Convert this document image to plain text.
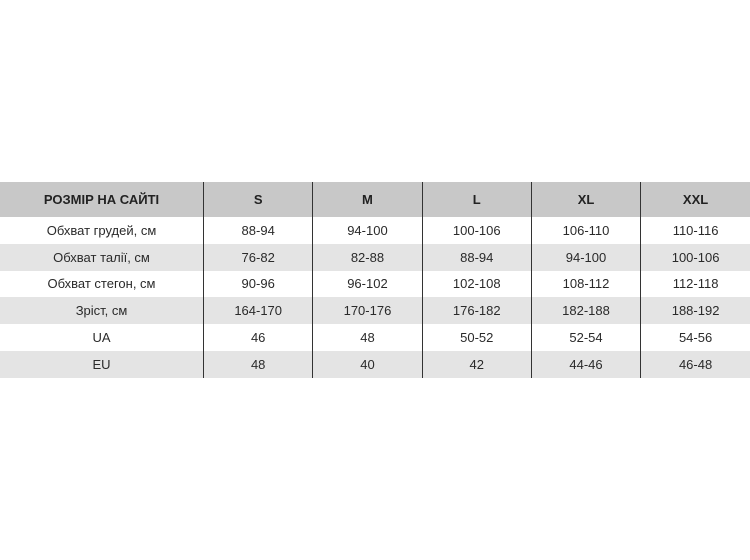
РОЗМІР НА САЙТІ	S	M	L	XL	XXL
Обхват грудей, см	88-94	94-100	100-106	106-110	110-116
Обхват талії, см	76-82	82-88	88-94	94-100	100-106
Обхват стегон, см	90-96	96-102	102-108	108-112	112-118
Зріст, см	164-170	170-176	176-182	182-188	188-192
UA	46	48	50-52	52-54	54-56
EU	48	40	42	44-46	46-48
